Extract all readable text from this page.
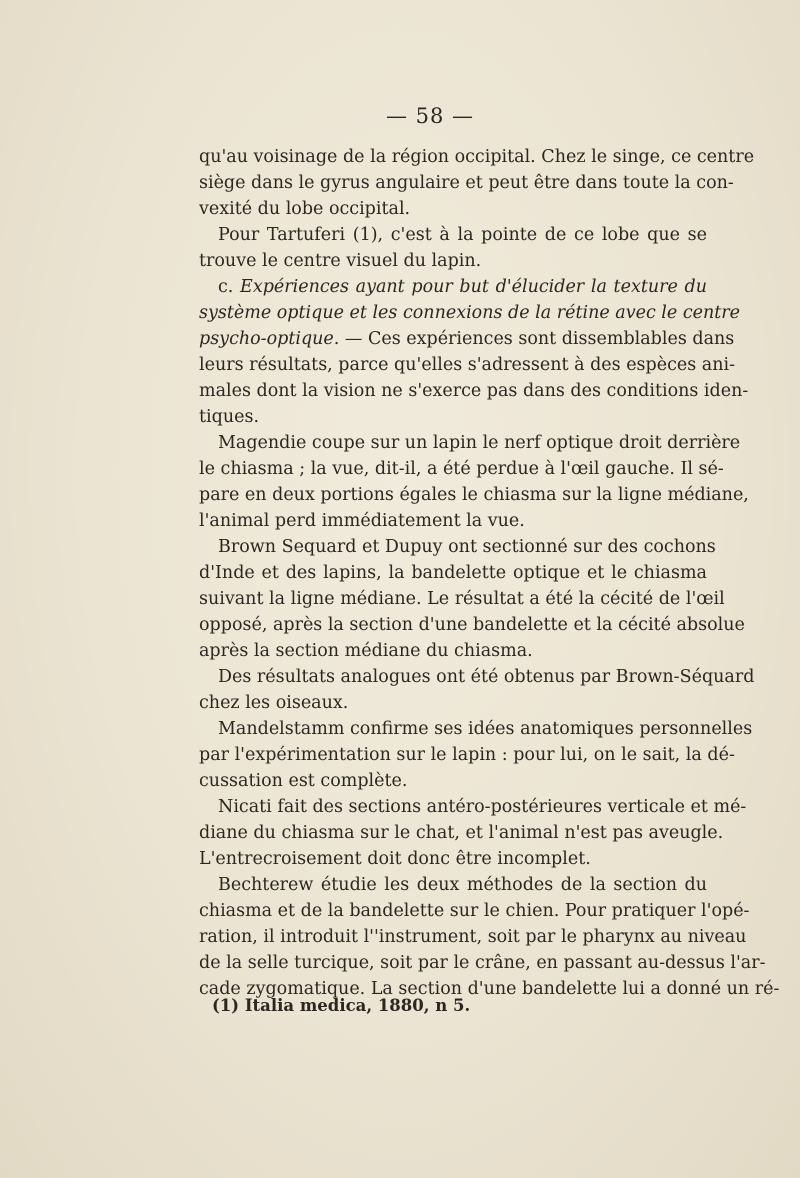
— 58 —
qu'au voisinage de la région occipital. Chez le singe, ce centre
siège dans le gyrus angulaire et peut être dans toute la con-
vexité du lobe occipital.
Pour Tartuferi (1), c'est à la pointe de ce lobe que se
trouve le centre visuel du lapin.
c. Expériences ayant pour but d'élucider la texture du
système optique et les connexions de la rétine avec le centre
psycho-optique. — Ces expériences sont dissemblables dans
leurs résultats, parce qu'elles s'adressent à des espèces ani-
males dont la vision ne s'exerce pas dans des conditions iden-
tiques.
Magendie coupe sur un lapin le nerf optique droit derrière
le chiasma ; la vue, dit-il, a été perdue à l'œil gauche. Il sé-
pare en deux portions égales le chiasma sur la ligne médiane,
l'animal perd immédiatement la vue.
Brown Sequard et Dupuy ont sectionné sur des cochons
d'Inde et des lapins, la bandelette optique et le chiasma
suivant la ligne médiane. Le résultat a été la cécité de l'œil
opposé, après la section d'une bandelette et la cécité absolue
après la section médiane du chiasma.
Des résultats analogues ont été obtenus par Brown-Séquard
chez les oiseaux.
Mandelstamm confirme ses idées anatomiques personnelles
par l'expérimentation sur le lapin : pour lui, on le sait, la dé-
cussation est complète.
Nicati fait des sections antéro-postérieures verticale et mé-
diane du chiasma sur le chat, et l'animal n'est pas aveugle.
L'entrecroisement doit donc être incomplet.
Bechterew étudie les deux méthodes de la section du
chiasma et de la bandelette sur le chien. Pour pratiquer l'opé-
ration, il introduit l''instrument, soit par le pharynx au niveau
de la selle turcique, soit par le crâne, en passant au-dessus l'ar-
cade zygomatique. La section d'une bandelette lui a donné un ré-
(1) Italia medica, 1880, n 5.
